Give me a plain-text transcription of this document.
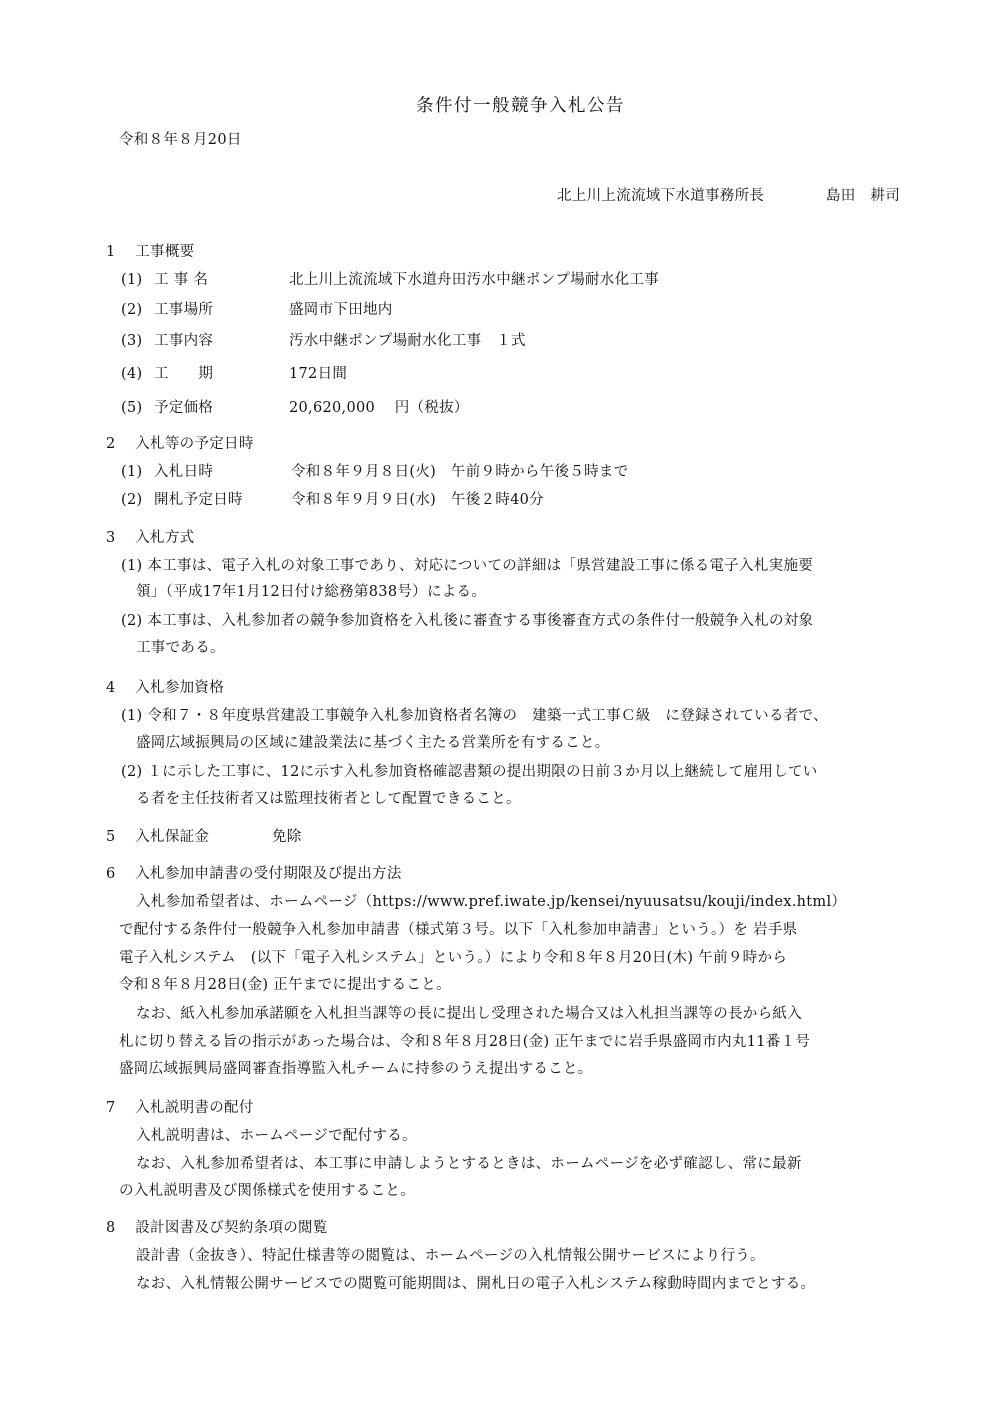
条件付一般競争入札公告
令和８年８月20日
北上川上流流域下水道事務所長	島田　耕司
1　 工事概要
(1) 工 事 名	北上川上流流域下水道舟田汚水中継ポンプ場耐水化工事
(2) 工事場所	盛岡市下田地内
(3) 工事内容	汚水中継ポンプ場耐水化工事　１式
(4) 工　　期	172日間
(5) 予定価格	20,620,000　 円（税抜）
2　 入札等の予定日時
(1) 入札日時	令和８年９月８日(火)　午前９時から午後５時まで
(2) 開札予定日時	令和８年９月９日(水)　午後２時40分
3　 入札方式
(1) 本工事は、電子入札の対象工事であり、対応についての詳細は「県営建設工事に係る電子入札実施要
領」（平成17年1月12日付け総務第838号）による。
(2) 本工事は、入札参加者の競争参加資格を入札後に審査する事後審査方式の条件付一般競争入札の対象
工事である。
4　 入札参加資格
(1) 令和７・８年度県営建設工事競争入札参加資格者名簿の　建築一式工事Ｃ級　に登録されている者で、
盛岡広域振興局の区域に建設業法に基づく主たる営業所を有すること。
(2) １に示した工事に、12に示す入札参加資格確認書類の提出期限の日前３か月以上継続して雇用してい
る者を主任技術者又は監理技術者として配置できること。
5　 入札保証金	免除
6　 入札参加申請書の受付期限及び提出方法
入札参加希望者は、ホームページ（https://www.pref.iwate.jp/kensei/nyuusatsu/kouji/index.html）
で配付する条件付一般競争入札参加申請書（様式第３号。以下「入札参加申請書」という。）を 岩手県
電子入札システム　(以下「電子入札システム」という。）により令和８年８月20日(木) 午前９時から
令和８年８月28日(金) 正午までに提出すること。
なお、紙入札参加承諾願を入札担当課等の長に提出し受理された場合又は入札担当課等の長から紙入
札に切り替える旨の指示があった場合は、令和８年８月28日(金) 正午までに岩手県盛岡市内丸11番１号
盛岡広域振興局盛岡審査指導監入札チームに持参のうえ提出すること。
7　 入札説明書の配付
入札説明書は、ホームページで配付する。
なお、入札参加希望者は、本工事に申請しようとするときは、ホームページを必ず確認し、常に最新
の入札説明書及び関係様式を使用すること。
8　 設計図書及び契約条項の閲覧
設計書（金抜き）、特記仕様書等の閲覧は、ホームページの入札情報公開サービスにより行う。
なお、入札情報公開サービスでの閲覧可能期間は、開札日の電子入札システム稼動時間内までとする。
